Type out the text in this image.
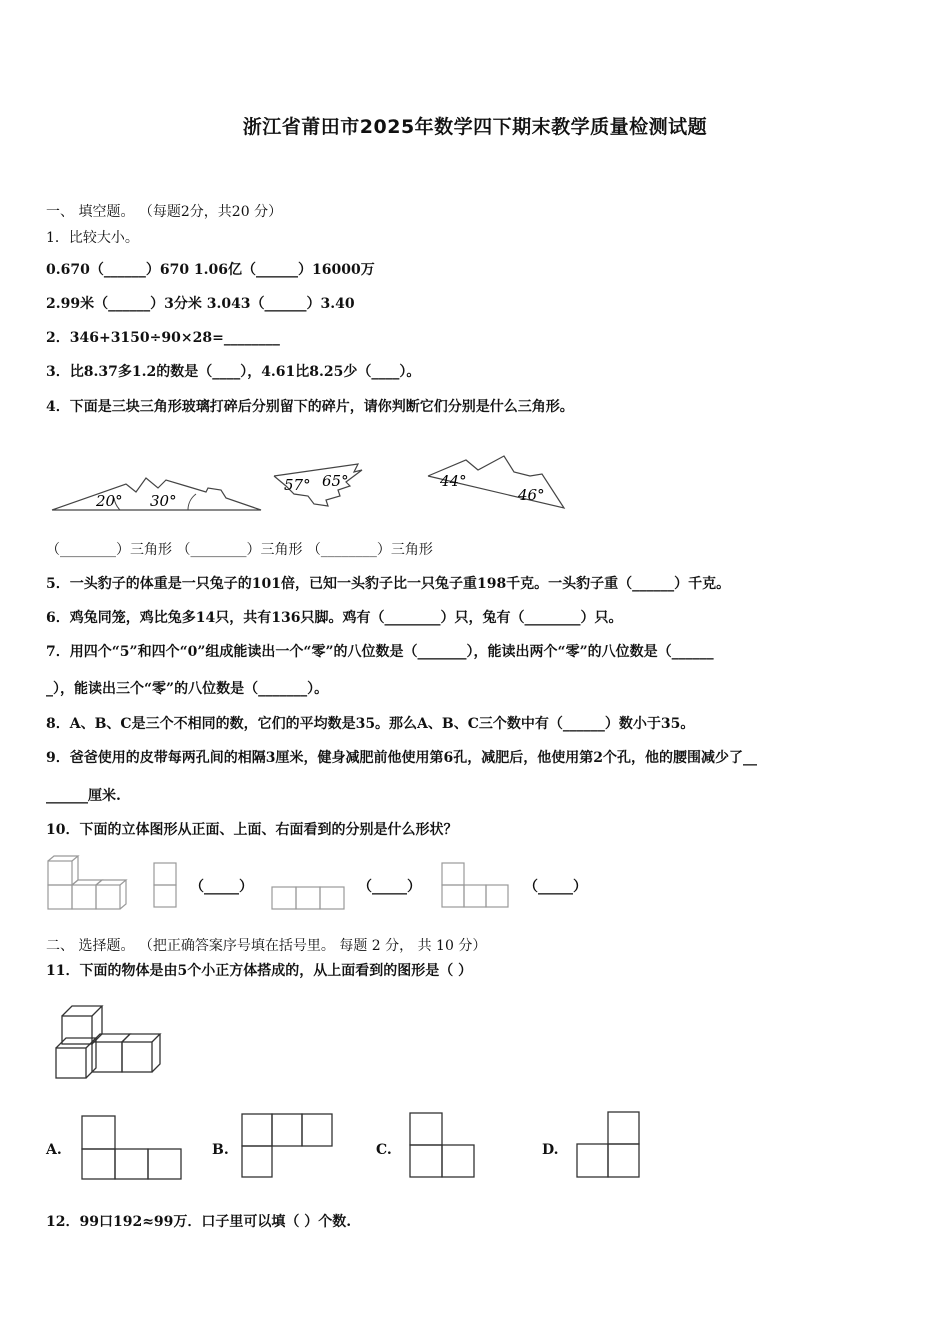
浙江省莆田市2025年数学四下期末教学质量检测试题
一、 填空题。 （每题2分，共20 分）
1．比较大小。
0.670（______）670 1.06亿（______）16000万
2.99米（______）3分米 3.043（______）3.40
2．346+3150÷90×28=________
3．比8.37多1.2的数是（____），4.61比8.25少（____）。
4．下面是三块三角形玻璃打碎后分别留下的碎片，请你判断它们分别是什么三角形。
20° 30°
57° 65°	44°
46°
（________）三角形 （________）三角形 （________）三角形
5．一头豹子的体重是一只兔子的101倍，已知一头豹子比一只兔子重198千克。一头豹子重（______）千克。
6．鸡兔同笼，鸡比兔多14只，共有136只脚。鸡有（________）只，兔有（________）只。
7．用四个“5”和四个“0”组成能读出一个“零”的八位数是（_______），能读出两个“零”的八位数是（______
_），能读出三个“零”的八位数是（_______）。
8．A、B、C是三个不相同的数，它们的平均数是35。那么A、B、C三个数中有（______）数小于35。
9．爸爸使用的皮带每两孔间的相隔3厘米，健身减肥前他使用第6孔，减肥后，他使用第2个孔，他的腰围减少了__
______厘米.
10．下面的立体图形从正面、上面、右面看到的分别是什么形状？
（_____）	（_____）	（_____）
二、 选择题。 （把正确答案序号填在括号里。 每题 2 分， 共 10 分）
11．下面的物体是由5个小正方体搭成的，从上面看到的图形是（ ）
A.	B.	C.	D.
12．99口192≈99万．口子里可以填（ ）个数.
